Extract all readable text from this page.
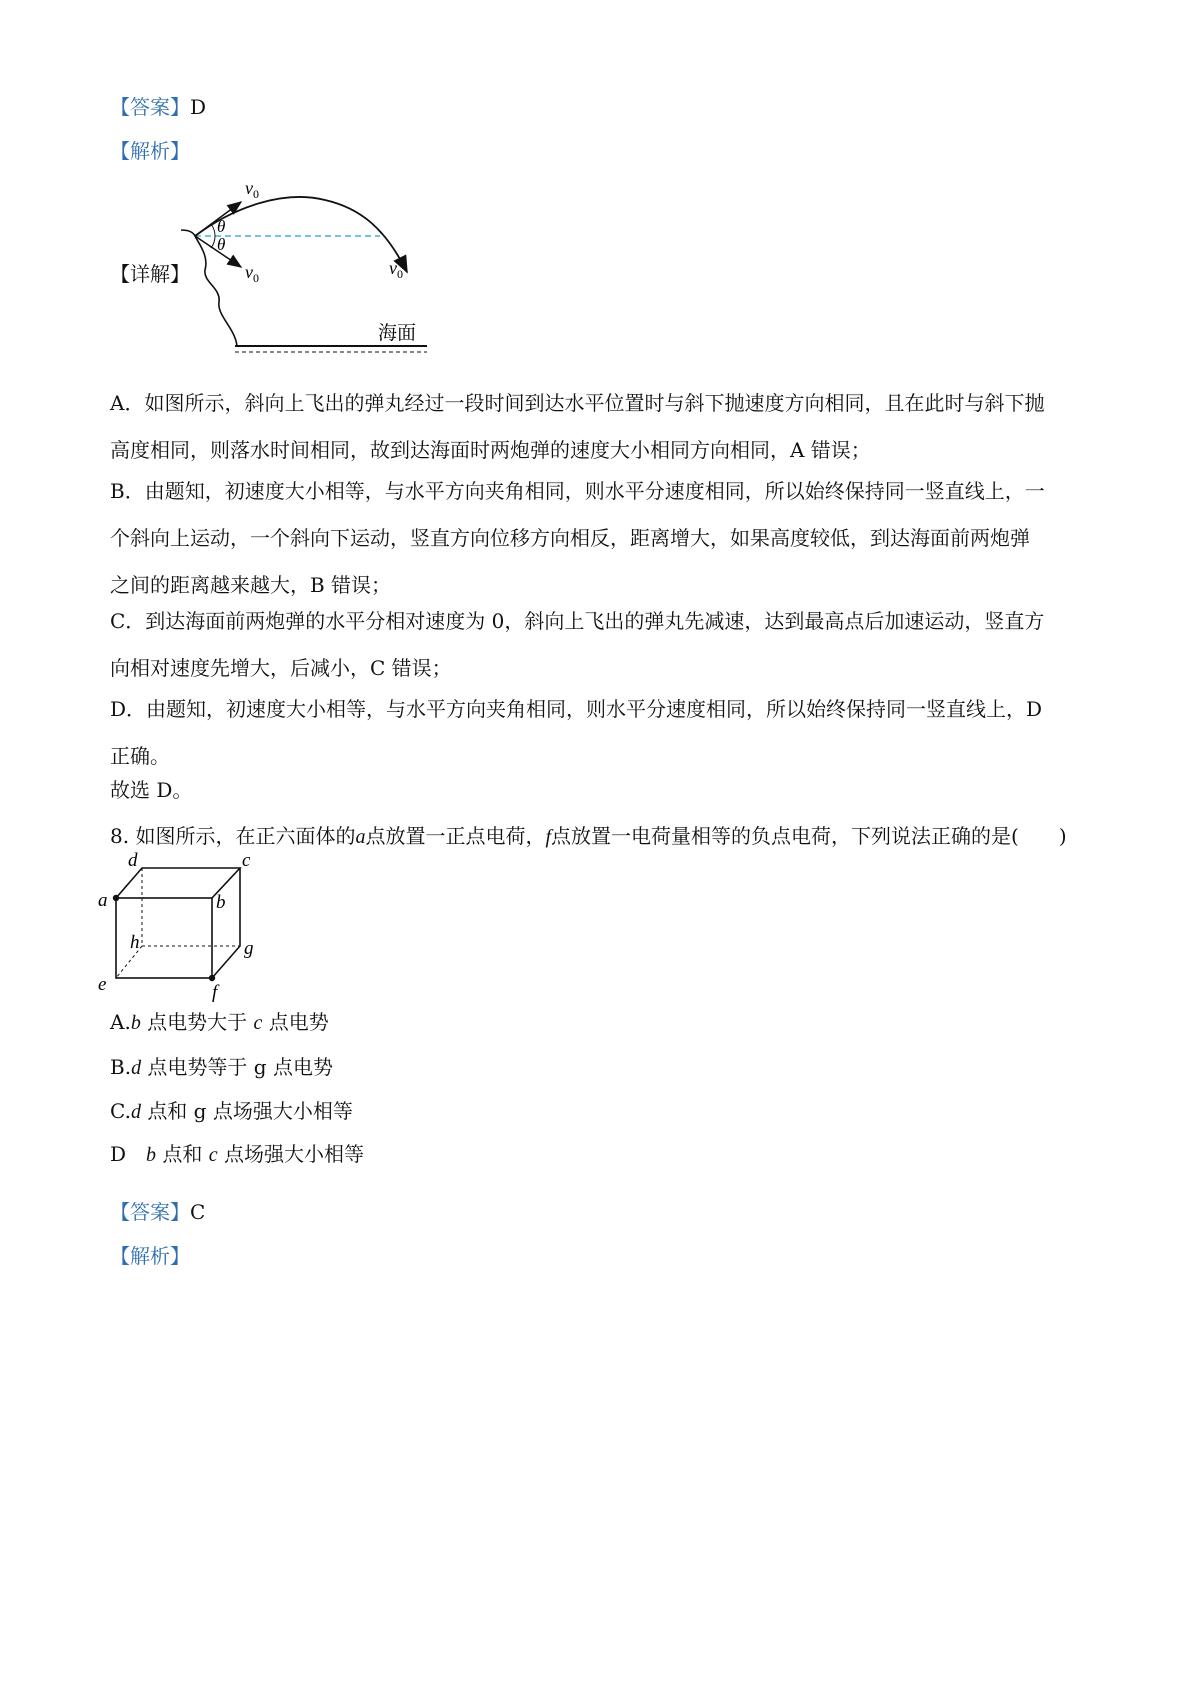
【答案】D
【解析】
【详解】
θ
θ
$v_0$
$v_0$	$v_0$
海面
A．如图所示，斜向上飞出的弹丸经过一段时间到达水平位置时与斜下抛速度方向相同，且在此时与斜下抛
高度相同，则落水时间相同，故到达海面时两炮弹的速度大小相同方向相同，A 错误；
B．由题知，初速度大小相等，与水平方向夹角相同，则水平分速度相同，所以始终保持同一竖直线上，一
个斜向上运动，一个斜向下运动，竖直方向位移方向相反，距离增大，如果高度较低，到达海面前两炮弹
之间的距离越来越大，B 错误；
C．到达海面前两炮弹的水平分相对速度为 0，斜向上飞出的弹丸先减速，达到最高点后加速运动，竖直方
向相对速度先增大，后减小，C 错误；
D．由题知，初速度大小相等，与水平方向夹角相同，则水平分速度相同，所以始终保持同一竖直线上，D
正确。
故选 D。
8. 如图所示，在正六面体的a点放置一正点电荷，f点放置一电荷量相等的负点电荷，下列说法正确的是(　　 )
d	c
a	b
h	g
e	f
A.b 点电势大于 c 点电势
B.d 点电势等于 g 点电势
C.d 点和 g 点场强大小相等
D　b 点和 c 点场强大小相等
【答案】C
【解析】
